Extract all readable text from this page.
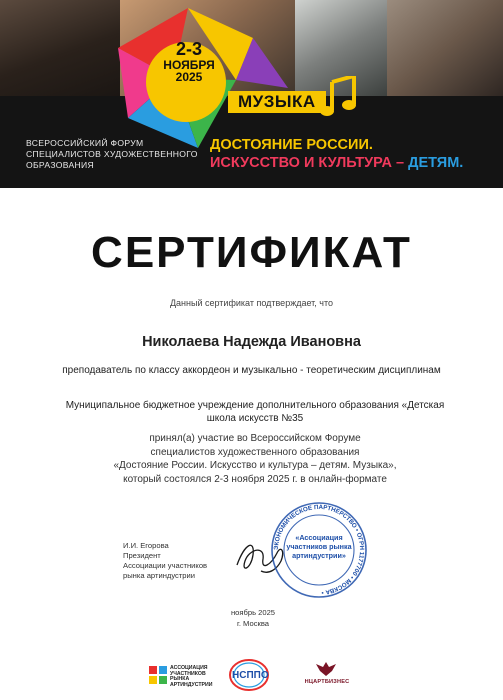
2-3
НОЯБРЯ
2025
МУЗЫКА
ВСЕРОССИЙСКИЙ ФОРУМ
СПЕЦИАЛИСТОВ ХУДОЖЕСТВЕННОГО
ОБРАЗОВАНИЯ
ДОСТОЯНИЕ РОССИИ.
ИСКУССТВО И КУЛЬТУРА – ДЕТЯМ.
СЕРТИФИКАТ
Данный сертификат подтверждает, что
Николаева Надежда Ивановна
преподаватель по классу аккордеон и музыкально - теоретическим дисциплинам
Муниципальное бюджетное учреждение дополнительного образования «Детская
школа искусств №35
принял(а) участие во Всероссийском Форуме
специалистов художественного образования
«Достояние России. Искусство и культура – детям. Музыка»,
который состоялся 2-3 ноября 2025 г. в онлайн-формате
И.И. Егорова
Президент
Ассоциации участников
рынка артиндустрии
ЭКОНОМИЧЕСКОЕ ПАРТНЕРСТВО • ОГРН 1177700 • МОСКВА •
«Ассоциация
участников рынка
артиндустрии»
ноябрь 2025
г. Москва
АССОЦИАЦИЯ
УЧАСТНИКОВ
РЫНКА
АРТИНДУСТРИИ
НСППО
НЦАРТБИЗНЕС
